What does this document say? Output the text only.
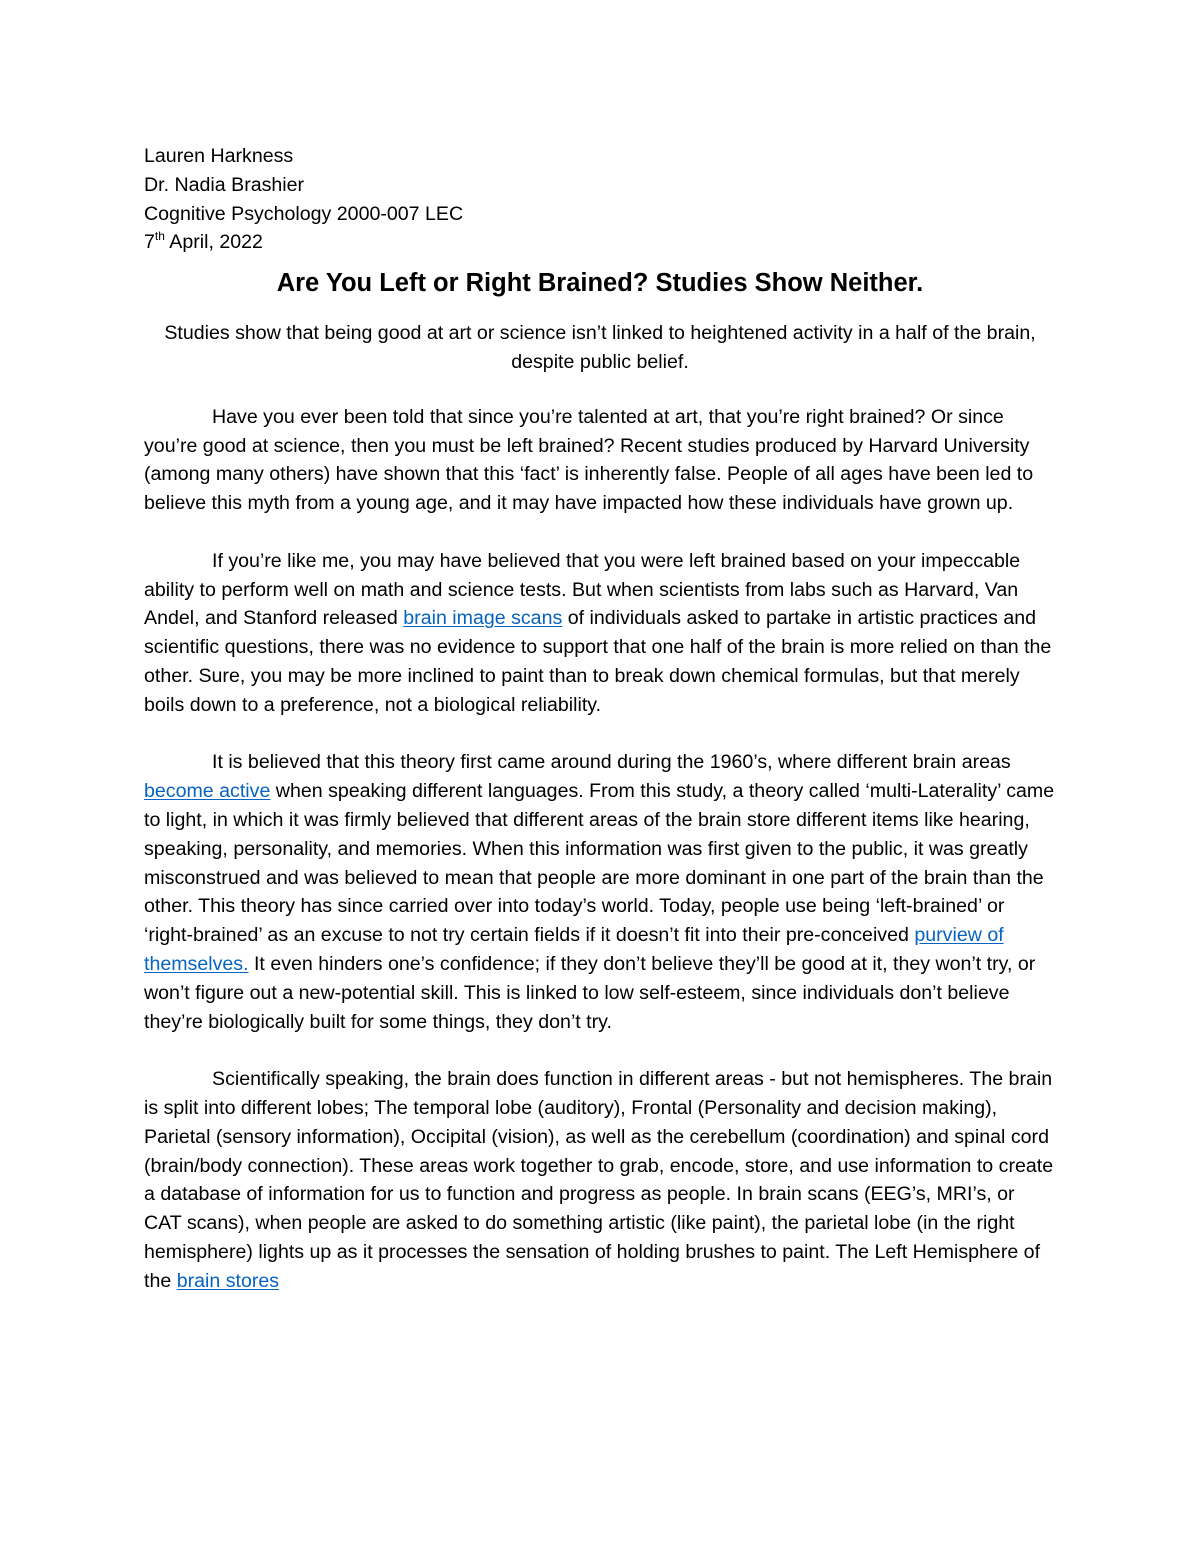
Lauren Harkness

Dr. Nadia Brashier

Cognitive Psychology 2000-007 LEC

7th April, 2022

Are You Left or Right Brained? Studies Show Neither.

Studies show that being good at art or science isn’t linked to heightened activity in a half of the brain, despite public belief.

Have you ever been told that since you’re talented at art, that you’re right brained? Or since you’re good at science, then you must be left brained? Recent studies produced by Harvard University (among many others) have shown that this ‘fact’ is inherently false. People of all ages have been led to believe this myth from a young age, and it may have impacted how these individuals have grown up.

If you’re like me, you may have believed that you were left brained based on your impeccable ability to perform well on math and science tests. But when scientists from labs such as Harvard, Van Andel, and Stanford released brain image scans of individuals asked to partake in artistic practices and scientific questions, there was no evidence to support that one half of the brain is more relied on than the other. Sure, you may be more inclined to paint than to break down chemical formulas, but that merely boils down to a preference, not a biological reliability.

It is believed that this theory first came around during the 1960’s, where different brain areas become active when speaking different languages. From this study, a theory called ‘multi-Laterality’ came to light, in which it was firmly believed that different areas of the brain store different items like hearing, speaking, personality, and memories. When this information was first given to the public, it was greatly misconstrued and was believed to mean that people are more dominant in one part of the brain than the other. This theory has since carried over into today’s world. Today, people use being ‘left-brained’ or ‘right-brained’ as an excuse to not try certain fields if it doesn’t fit into their pre-conceived purview of themselves. It even hinders one’s confidence; if they don’t believe they’ll be good at it, they won’t try, or won’t figure out a new-potential skill. This is linked to low self-esteem, since individuals don’t believe they’re biologically built for some things, they don’t try.

Scientifically speaking, the brain does function in different areas - but not hemispheres. The brain is split into different lobes; The temporal lobe (auditory), Frontal (Personality and decision making), Parietal (sensory information), Occipital (vision), as well as the cerebellum (coordination) and spinal cord (brain/body connection). These areas work together to grab, encode, store, and use information to create a database of information for us to function and progress as people. In brain scans (EEG’s, MRI’s, or CAT scans), when people are asked to do something artistic (like paint), the parietal lobe (in the right hemisphere) lights up as it processes the sensation of holding brushes to paint. The Left Hemisphere of the brain stores
